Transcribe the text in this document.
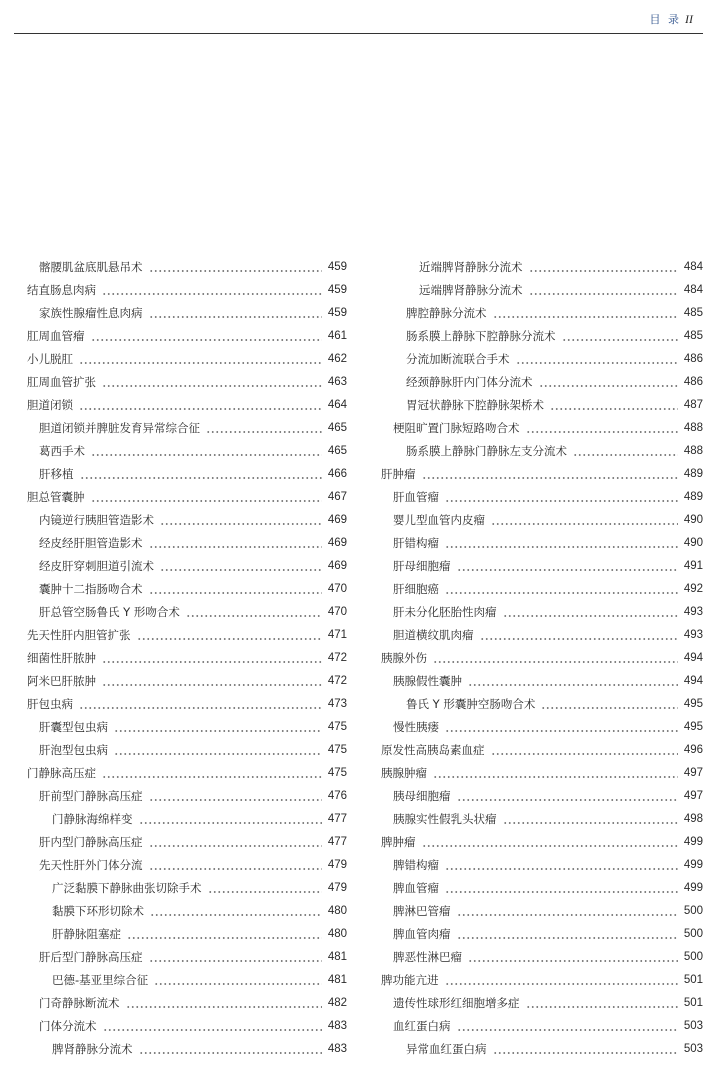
目 录 II
髂腰肌盆底肌悬吊术	459
结直肠息肉病	459
家族性腺瘤性息肉病	459
肛周血管瘤	461
小儿脱肛	462
肛周血管扩张	463
胆道闭锁	464
胆道闭锁并脾脏发育异常综合征	465
葛西手术	465
肝移植	466
胆总管囊肿	467
内镜逆行胰胆管造影术	469
经皮经肝胆管造影术	469
经皮肝穿刺胆道引流术	469
囊肿十二指肠吻合术	470
肝总管空肠鲁氏 Y 形吻合术	470
先天性肝内胆管扩张	471
细菌性肝脓肿	472
阿米巴肝脓肿	472
肝包虫病	473
肝囊型包虫病	475
肝泡型包虫病	475
门静脉高压症	475
肝前型门静脉高压症	476
门静脉海绵样变	477
肝内型门静脉高压症	477
先天性肝外门体分流	479
广泛黏膜下静脉曲张切除手术	479
黏膜下环形切除术	480
肝静脉阻塞症	480
肝后型门静脉高压症	481
巴德-基亚里综合征	481
门奇静脉断流术	482
门体分流术	483
脾肾静脉分流术	483
近端脾肾静脉分流术	484
远端脾肾静脉分流术	484
脾腔静脉分流术	485
肠系膜上静脉下腔静脉分流术	485
分流加断流联合手术	486
经颈静脉肝内门体分流术	486
胃冠状静脉下腔静脉架桥术	487
梗阻旷置门脉短路吻合术	488
肠系膜上静脉门静脉左支分流术	488
肝肿瘤	489
肝血管瘤	489
婴儿型血管内皮瘤	490
肝错构瘤	490
肝母细胞瘤	491
肝细胞癌	492
肝未分化胚胎性肉瘤	493
胆道横纹肌肉瘤	493
胰腺外伤	494
胰腺假性囊肿	494
鲁氏 Y 形囊肿空肠吻合术	495
慢性胰瘘	495
原发性高胰岛素血症	496
胰腺肿瘤	497
胰母细胞瘤	497
胰腺实性假乳头状瘤	498
脾肿瘤	499
脾错构瘤	499
脾血管瘤	499
脾淋巴管瘤	500
脾血管肉瘤	500
脾恶性淋巴瘤	500
脾功能亢进	501
遗传性球形红细胞增多症	501
血红蛋白病	503
异常血红蛋白病	503
